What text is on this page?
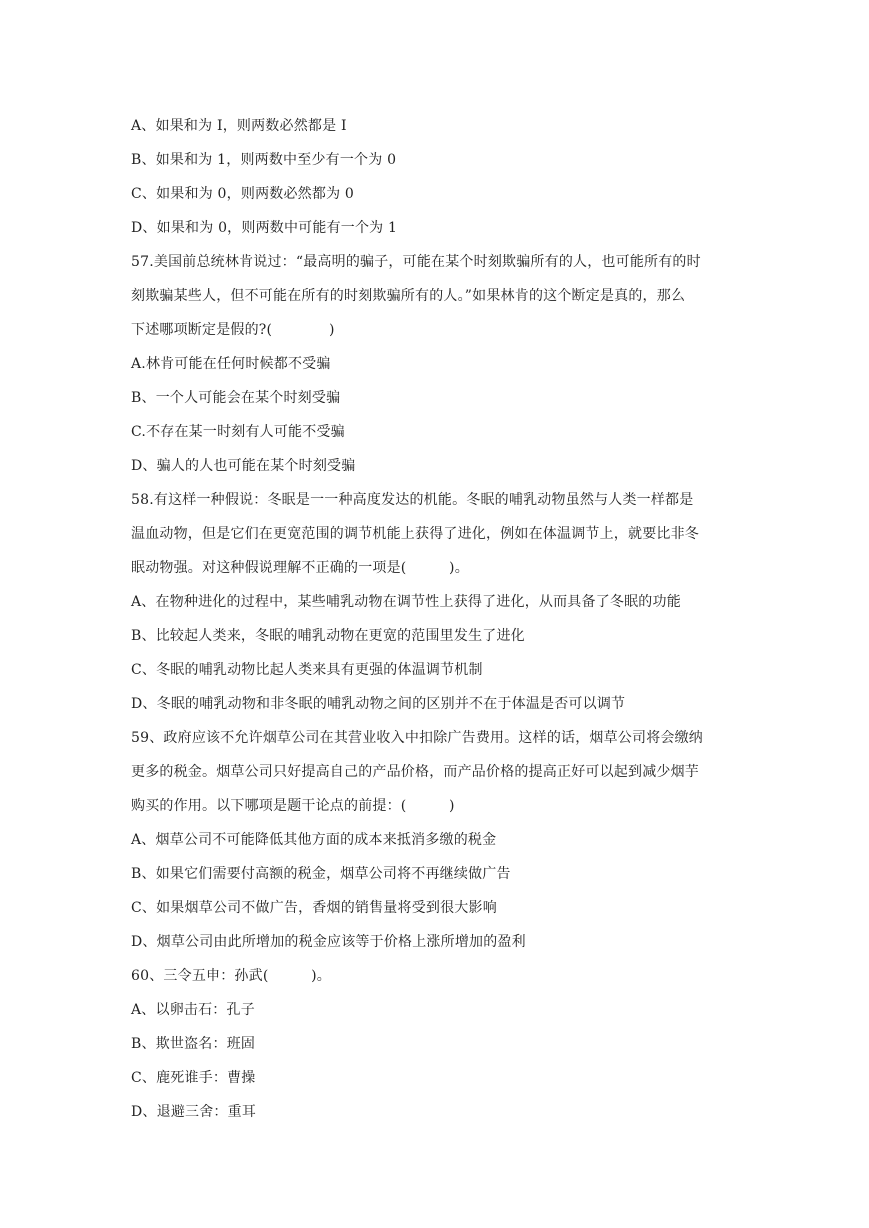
A、如果和为 I，则两数必然都是 I
B、如果和为 1，则两数中至少有一个为 0
C、如果和为 0，则两数必然都为 0
D、如果和为 0，则两数中可能有一个为 1
57.美国前总统林肯说过：“最高明的骗子，可能在某个时刻欺骗所有的人，也可能所有的时
刻欺骗某些人，但不可能在所有的时刻欺骗所有的人。”如果林肯的这个断定是真的，那么
下述哪项断定是假的?(　　　　)
A.林肯可能在任何时候都不受骗
B、一个人可能会在某个时刻受骗
C.不存在某一时刻有人可能不受骗
D、骗人的人也可能在某个时刻受骗
58.有这样一种假说：冬眠是一一种高度发达的机能。冬眠的哺乳动物虽然与人类一样都是
温血动物，但是它们在更宽范围的调节机能上获得了进化，例如在体温调节上，就要比非冬
眠动物强。对这种假说理解不正确的一项是(　　　)。
A、在物种进化的过程中，某些哺乳动物在调节性上获得了进化，从而具备了冬眠的功能
B、比较起人类来，冬眠的哺乳动物在更宽的范围里发生了进化
C、冬眠的哺乳动物比起人类来具有更强的体温调节机制
D、冬眠的哺乳动物和非冬眠的哺乳动物之间的区别并不在于体温是否可以调节
59、政府应该不允许烟草公司在其营业收入中扣除广告费用。这样的话，烟草公司将会缴纳
更多的税金。烟草公司只好提高自己的产品价格，而产品价格的提高正好可以起到减少烟芋
购买的作用。以下哪项是题干论点的前提：(　　　)
A、烟草公司不可能降低其他方面的成本来抵消多缴的税金
B、如果它们需要付高额的税金，烟草公司将不再继续做广告
C、如果烟草公司不做广告，香烟的销售量将受到很大影响
D、烟草公司由此所增加的税金应该等于价格上涨所增加的盈利
60、三令五申：孙武(　　　)。
A、以卵击石：孔子
B、欺世盗名：班固
C、鹿死谁手：曹操
D、退避三舍：重耳
